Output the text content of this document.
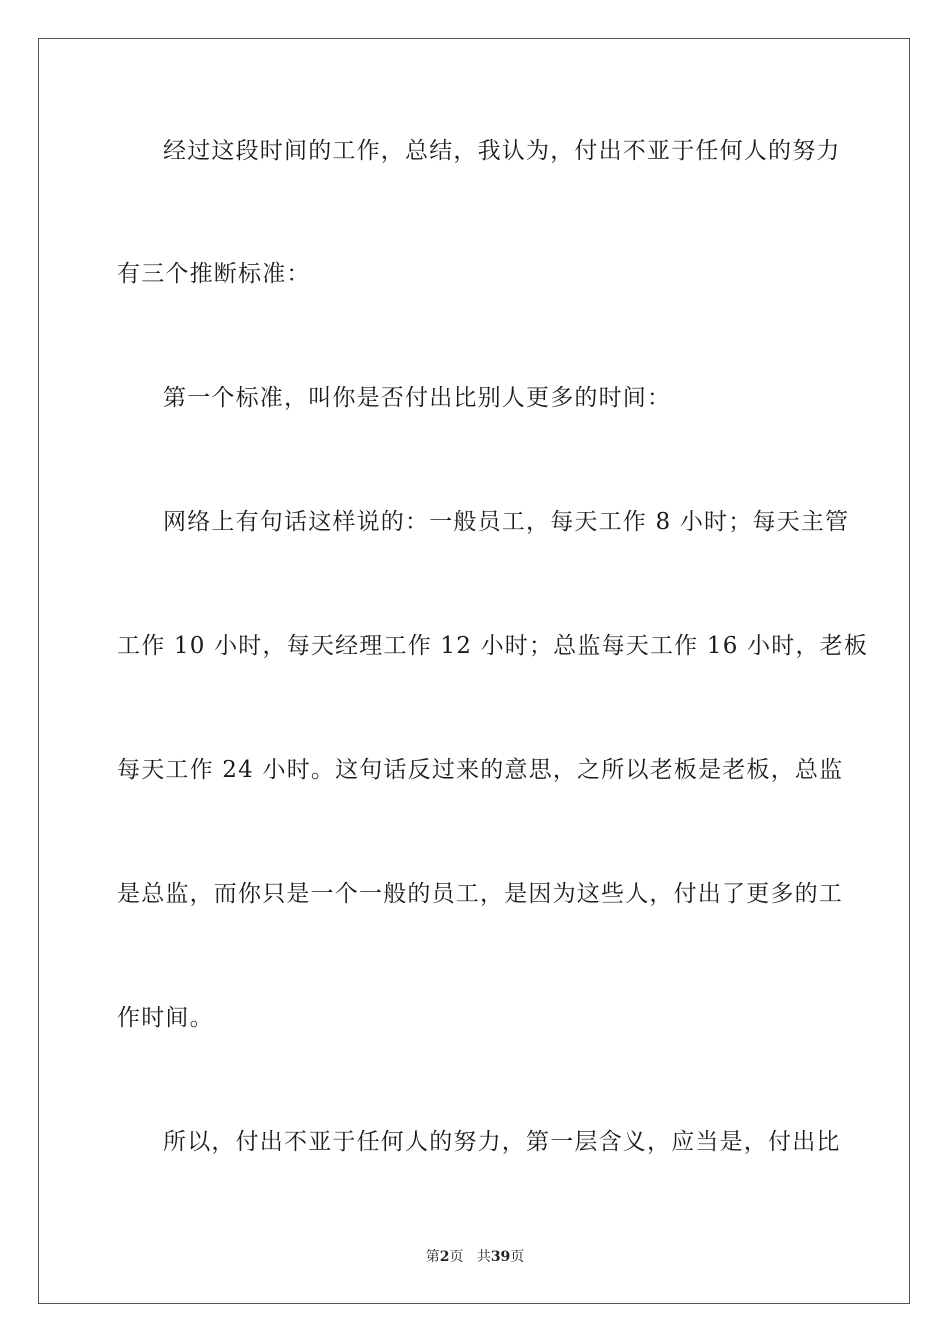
经过这段时间的工作，总结，我认为，付出不亚于任何人的努力
有三个推断标准：
第一个标准，叫你是否付出比别人更多的时间：
网络上有句话这样说的：一般员工，每天工作 8 小时；每天主管
工作 10 小时，每天经理工作 12 小时；总监每天工作 16 小时，老板
每天工作 24 小时。这句话反过来的意思，之所以老板是老板，总监
是总监，而你只是一个一般的员工，是因为这些人，付出了更多的工
作时间。
所以，付出不亚于任何人的努力，第一层含义，应当是，付出比
第2页 共39页
